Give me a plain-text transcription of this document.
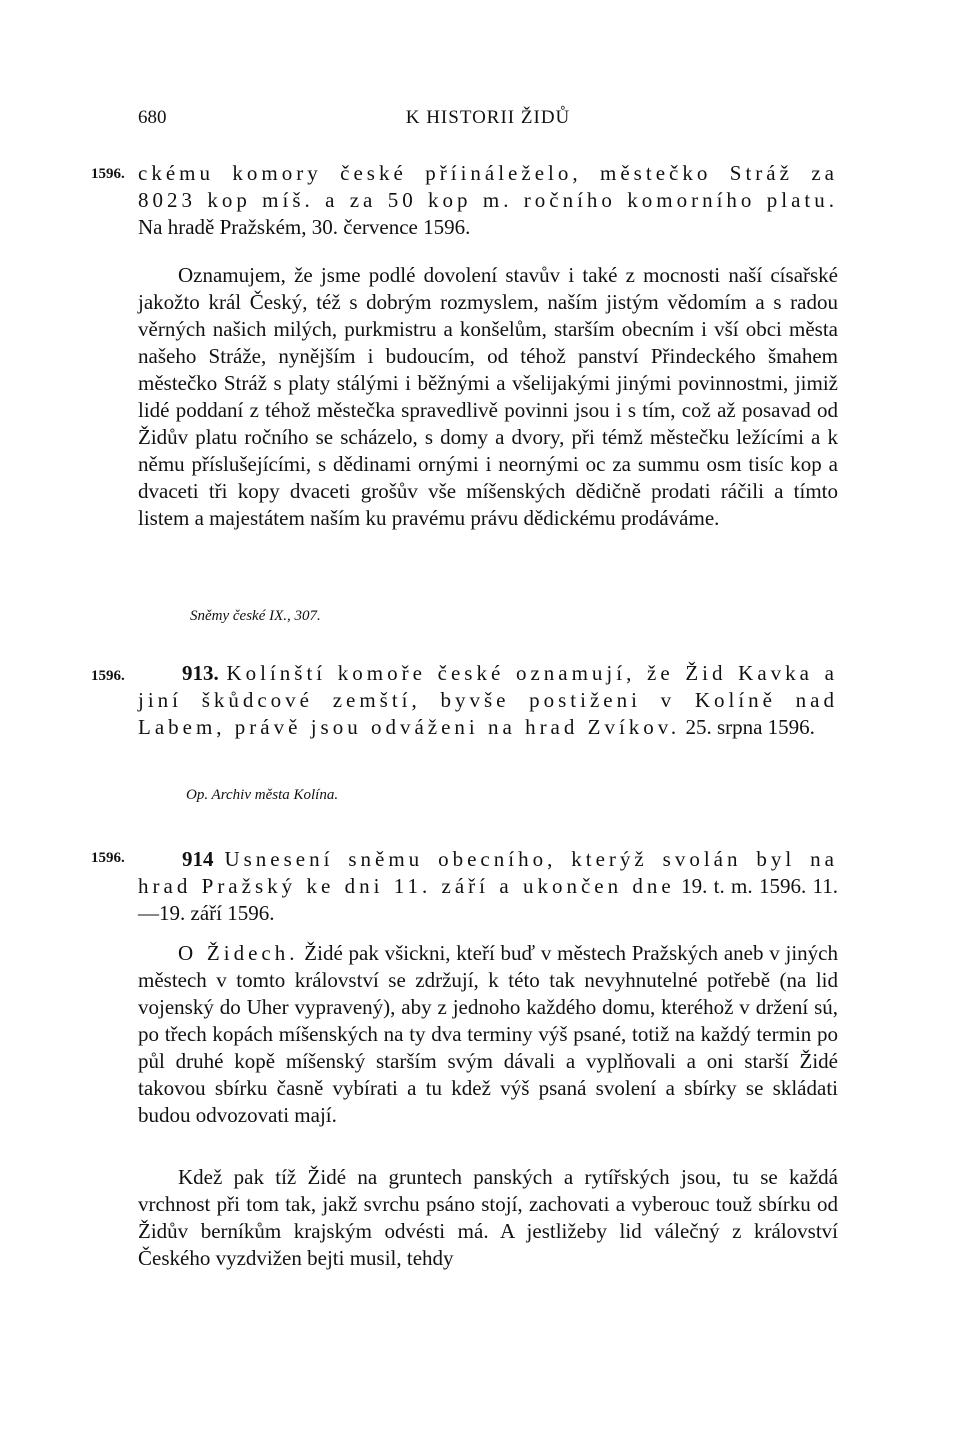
680	K HISTORII ŽIDŮ
1596. ckému komory české příináleželo, městečko Stráž za 8023 kop míš. a za 50 kop m. ročního komorního platu. Na hradě Pražském, 30. července 1596.

Oznamujem, že jsme podlé dovolení stavův i také z mocnosti naší císařské jakožto král Český, též s dobrým rozmyslem, naším jistým vědomím a s radou věrných našich milých, purkmistru a konšelům, starším obecním i vší obci města našeho Stráže, nynějším i budoucím, od téhož panství Přindeckého šmahem městečko Stráž s platy stálými i běžnými a všelijakými jinými povinnostmi, jimiž lidé poddaní z téhož městečka spravedlivě povinni jsou i s tím, což až posavad od Židův platu ročního se scházelo, s domy a dvory, při témž městečku ležícími a k němu příslušejícími, s dědinami ornými i neornými oc za summu osm tisíc kop a dvaceti tři kopy dvaceti grošův vše míšenských dědičně prodati ráčili a tímto listem a majestátem naším ku pravému právu dědickému prodáváme.

Sněmy české IX., 307.
1596.	913. Kolínští komoře české oznamují, že Žid Kavka a jiní škůdcové zemští, byvše postiženi v Kolíně nad Labem, právě jsou odváženi na hrad Zvíkov. 25. srpna 1596.

Op. Archiv města Kolína.
1596.	914 Usnesení sněmu obecního, kterýž svolán byl na hrad Pražský ke dni 11. září a ukončen dne 19. t. m. 1596. 11.—19. září 1596.

O Židech. Židé pak všicknі, kteří buď v městech Pražských aneb v jiných městech v tomto království se zdržují, k této tak nevyhnutelné potřebě (na lid vojenský do Uher vypravený), aby z jednoho každého domu, kteréhož v držení sú, po třech kopách míšenských na ty dva terminy výš psané, totiž na každý termin po půl druhé kopě míšenský starším svým dávali a vyplňovali a oni starší Židé takovou sbírku časně vybírati a tu kdež výš psaná svolení a sbírky se skládati budou odvozovati mají.

Kdež pak tíž Židé na gruntech panských a rytířských jsou, tu se každá vrchnost při tom tak, jakž svrchu psáno stojí, zachovati a vyberouc touž sbírku od Židův berníkům krajským odvésti má. A jestližeby lid válečný z království Českého vyzdvižen bejti musil, tehdy
